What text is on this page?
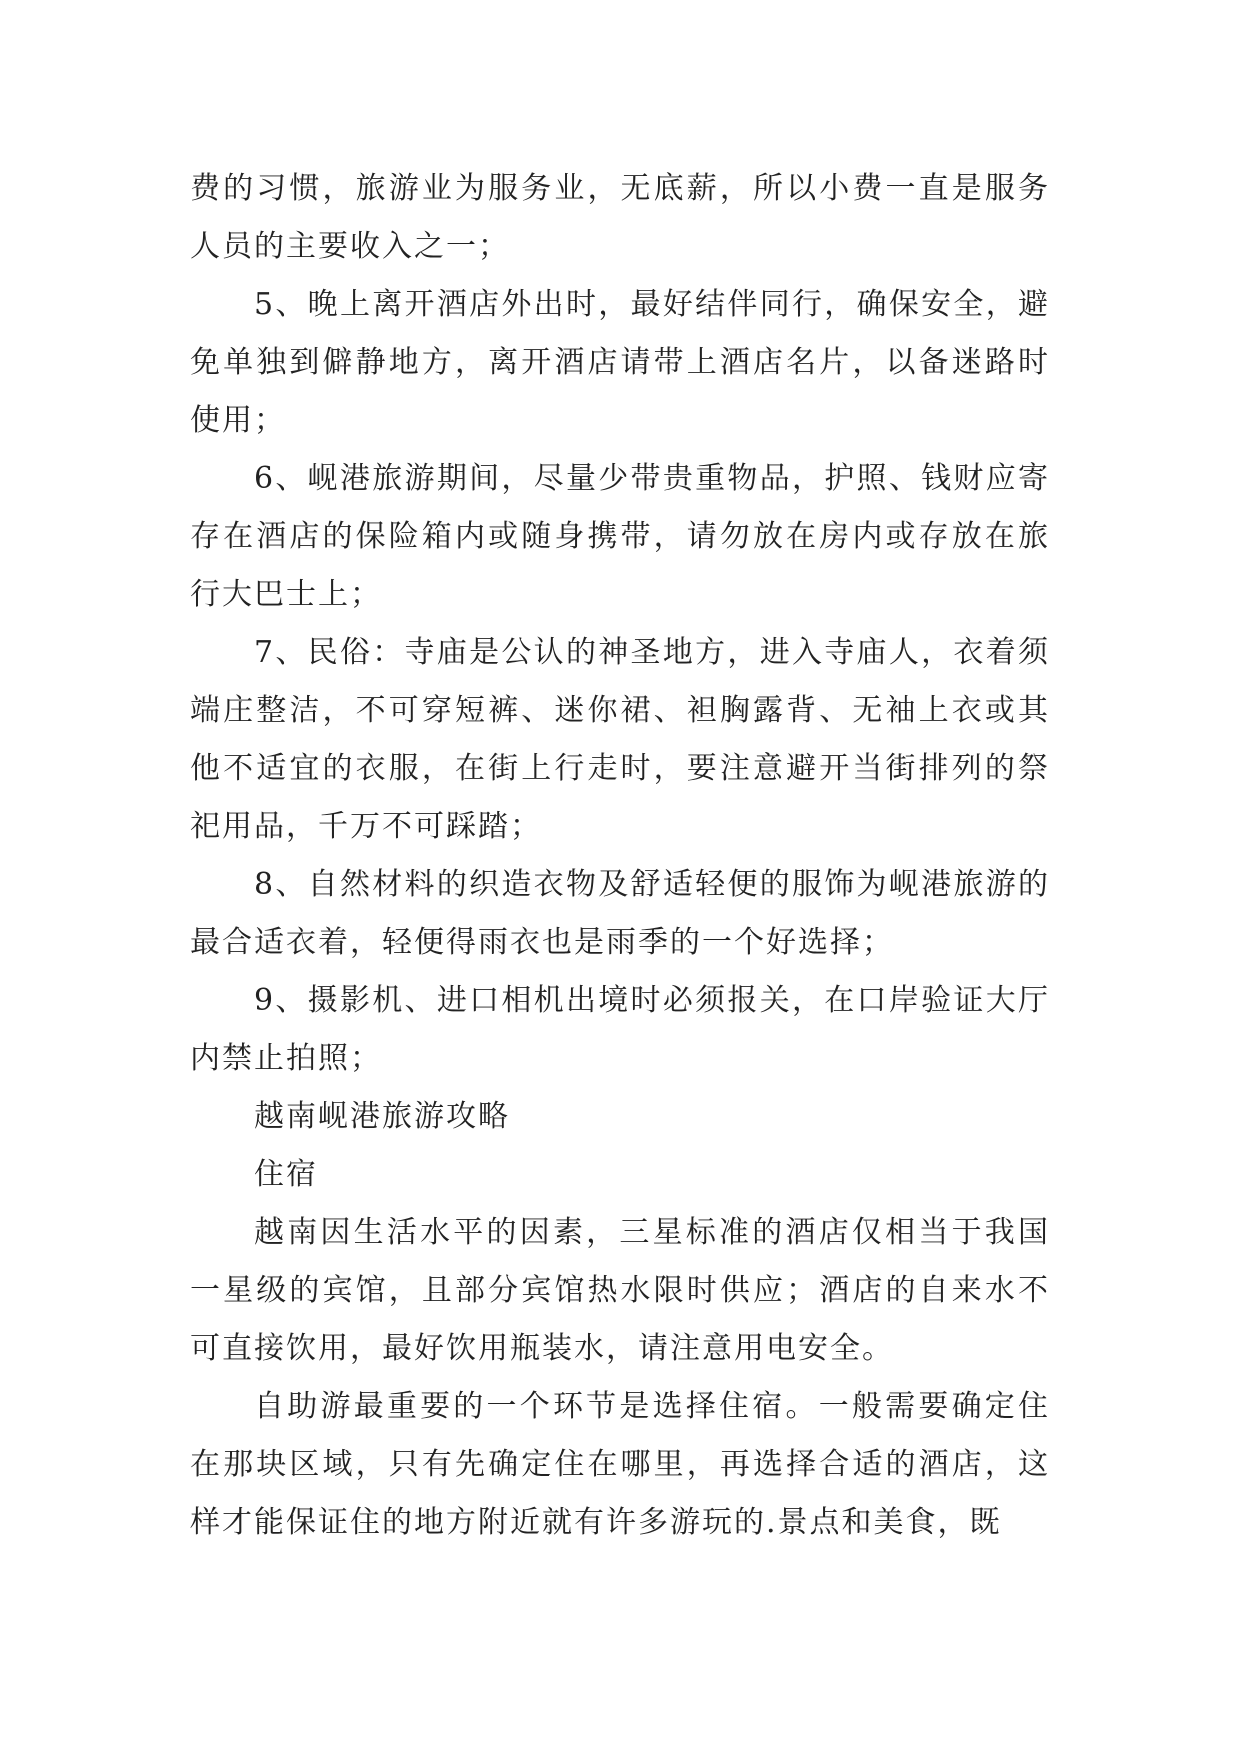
费的习惯，旅游业为服务业，无底薪，所以小费一直是服务人员的主要收入之一；

5、晚上离开酒店外出时，最好结伴同行，确保安全，避免单独到僻静地方，离开酒店请带上酒店名片，以备迷路时使用；

6、岘港旅游期间，尽量少带贵重物品，护照、钱财应寄存在酒店的保险箱内或随身携带，请勿放在房内或存放在旅行大巴士上；

7、民俗：寺庙是公认的神圣地方，进入寺庙人，衣着须端庄整洁，不可穿短裤、迷你裙、袒胸露背、无袖上衣或其他不适宜的衣服，在街上行走时，要注意避开当街排列的祭祀用品，千万不可踩踏；

8、自然材料的织造衣物及舒适轻便的服饰为岘港旅游的最合适衣着，轻便得雨衣也是雨季的一个好选择；

9、摄影机、进口相机出境时必须报关，在口岸验证大厅内禁止拍照；

越南岘港旅游攻略

住宿

越南因生活水平的因素，三星标准的酒店仅相当于我国一星级的宾馆，且部分宾馆热水限时供应；酒店的自来水不可直接饮用，最好饮用瓶装水，请注意用电安全。

自助游最重要的一个环节是选择住宿。一般需要确定住在那块区域，只有先确定住在哪里，再选择合适的酒店，这样才能保证住的地方附近就有许多游玩的.景点和美食，既
